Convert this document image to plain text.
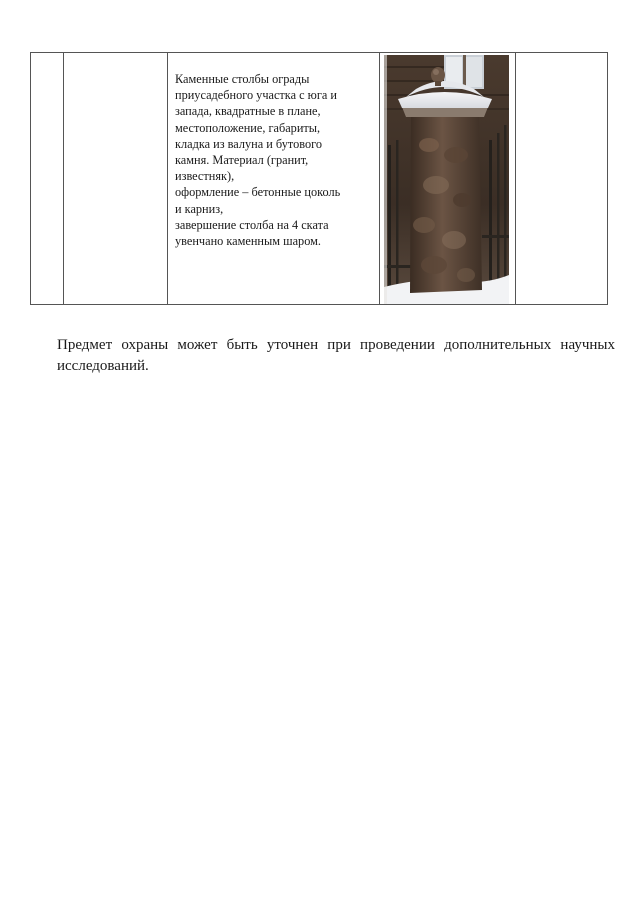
Каменные столбы ограды
приусадебного участка с юга и
запада, квадратные в плане,
местоположение, габариты,
кладка из валуна и бутового
камня. Материал (гранит,
известняк),
оформление – бетонные цоколь
и карниз,
завершение столба на 4 ската
увенчано каменным шаром.

Предмет охраны может быть уточнен при проведении дополнительных научных исследований.
